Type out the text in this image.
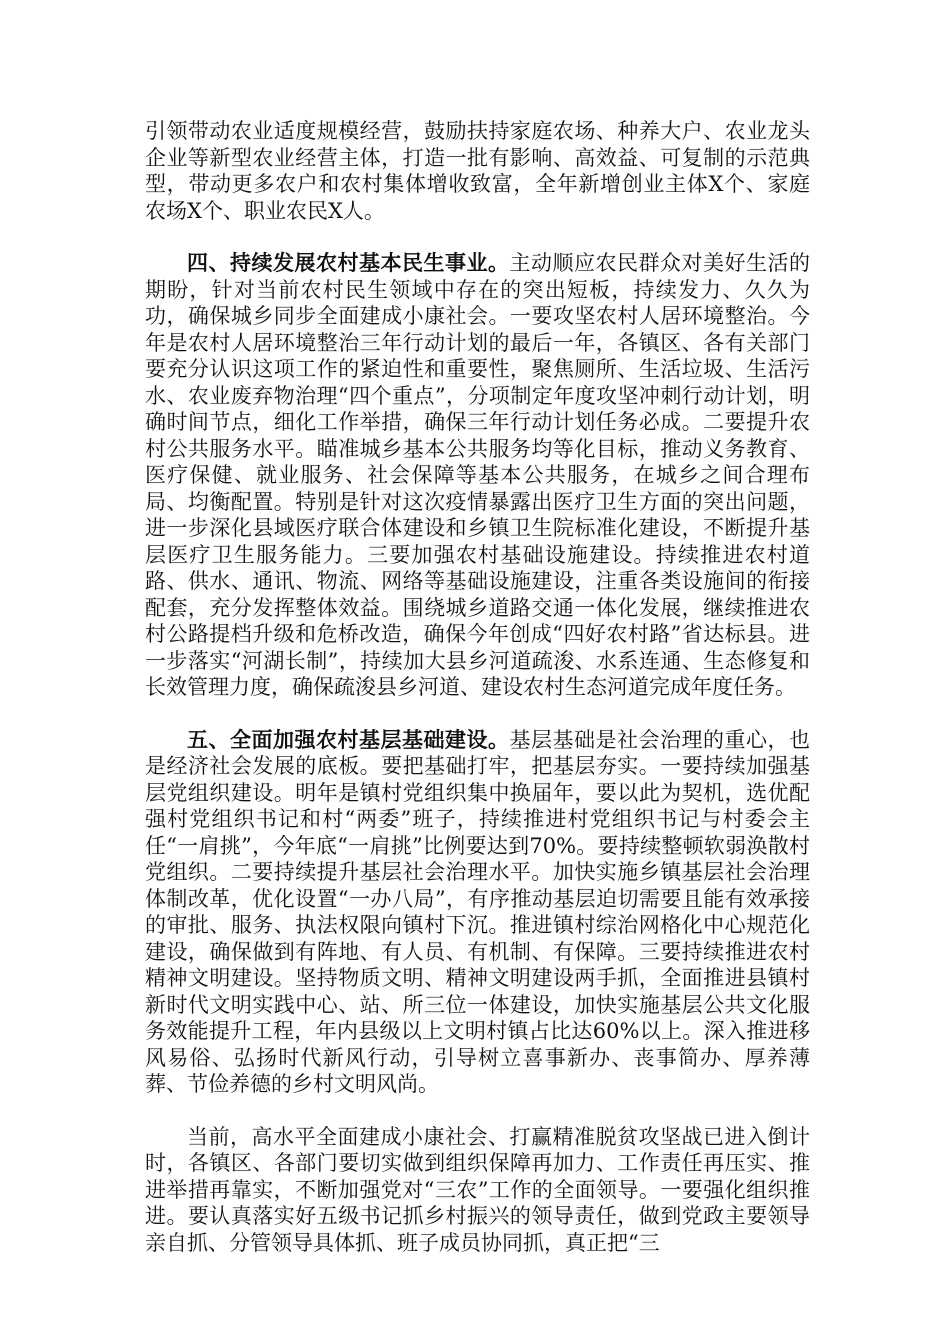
引领带动农业适度规模经营，鼓励扶持家庭农场、种养大户、农业龙头企业等新型农业经营主体，打造一批有影响、高效益、可复制的示范典型，带动更多农户和农村集体增收致富，全年新增创业主体X个、家庭农场X个、职业农民X人。

四、持续发展农村基本民生事业。主动顺应农民群众对美好生活的期盼，针对当前农村民生领域中存在的突出短板，持续发力、久久为功，确保城乡同步全面建成小康社会。一要攻坚农村人居环境整治。今年是农村人居环境整治三年行动计划的最后一年，各镇区、各有关部门要充分认识这项工作的紧迫性和重要性，聚焦厕所、生活垃圾、生活污水、农业废弃物治理“四个重点”，分项制定年度攻坚冲刺行动计划，明确时间节点，细化工作举措，确保三年行动计划任务必成。二要提升农村公共服务水平。瞄准城乡基本公共服务均等化目标，推动义务教育、医疗保健、就业服务、社会保障等基本公共服务，在城乡之间合理布局、均衡配置。特别是针对这次疫情暴露出医疗卫生方面的突出问题，进一步深化县域医疗联合体建设和乡镇卫生院标准化建设，不断提升基层医疗卫生服务能力。三要加强农村基础设施建设。持续推进农村道路、供水、通讯、物流、网络等基础设施建设，注重各类设施间的衔接配套，充分发挥整体效益。围绕城乡道路交通一体化发展，继续推进农村公路提档升级和危桥改造，确保今年创成“四好农村路”省达标县。进一步落实“河湖长制”，持续加大县乡河道疏浚、水系连通、生态修复和长效管理力度，确保疏浚县乡河道、建设农村生态河道完成年度任务。

五、全面加强农村基层基础建设。基层基础是社会治理的重心，也是经济社会发展的底板。要把基础打牢，把基层夯实。一要持续加强基层党组织建设。明年是镇村党组织集中换届年，要以此为契机，选优配强村党组织书记和村“两委”班子，持续推进村党组织书记与村委会主任“一肩挑”，今年底“一肩挑”比例要达到70%。要持续整顿软弱涣散村党组织。二要持续提升基层社会治理水平。加快实施乡镇基层社会治理体制改革，优化设置“一办八局”，有序推动基层迫切需要且能有效承接的审批、服务、执法权限向镇村下沉。推进镇村综治网格化中心规范化建设，确保做到有阵地、有人员、有机制、有保障。三要持续推进农村精神文明建设。坚持物质文明、精神文明建设两手抓，全面推进县镇村新时代文明实践中心、站、所三位一体建设，加快实施基层公共文化服务效能提升工程，年内县级以上文明村镇占比达60%以上。深入推进移风易俗、弘扬时代新风行动，引导树立喜事新办、丧事简办、厚养薄葬、节俭养德的乡村文明风尚。

当前，高水平全面建成小康社会、打赢精准脱贫攻坚战已进入倒计时，各镇区、各部门要切实做到组织保障再加力、工作责任再压实、推进举措再靠实，不断加强党对“三农”工作的全面领导。一要强化组织推进。要认真落实好五级书记抓乡村振兴的领导责任，做到党政主要领导亲自抓、分管领导具体抓、班子成员协同抓，真正把“三
